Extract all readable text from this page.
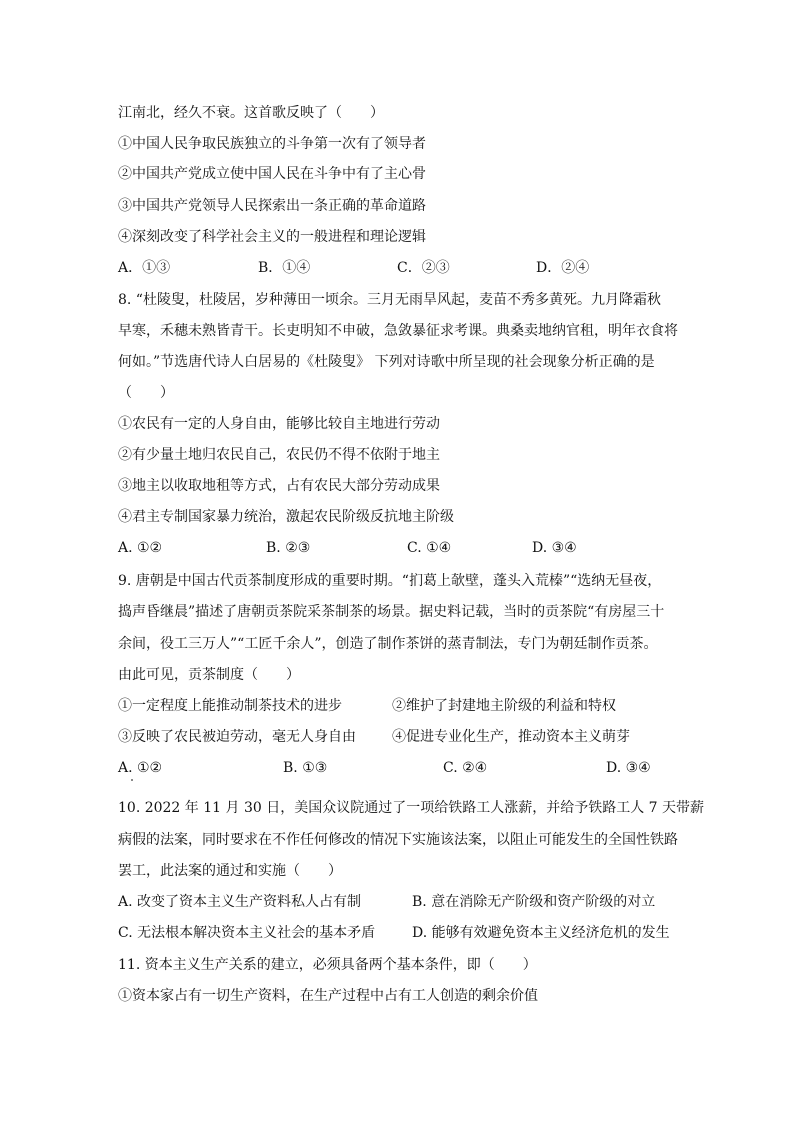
江南北，经久不衰。这首歌反映了（　　）
①中国人民争取民族独立的斗争第一次有了领导者
②中国共产党成立使中国人民在斗争中有了主心骨
③中国共产党领导人民探索出一条正确的革命道路
④深刻改变了科学社会主义的一般进程和理论逻辑
A．①③	B．①④	C．②③	D．②④
8. “杜陵叟，杜陵居，岁种薄田一顷余。三月无雨旱风起，麦苗不秀多黄死。九月降霜秋
早寒，禾穗未熟皆青干。长吏明知不申破，急敛暴征求考课。典桑卖地纳官租，明年衣食将
何如。”节选唐代诗人白居易的《杜陵叟》 下列对诗歌中所呈现的社会现象分析正确的是
（　　）
①农民有一定的人身自由，能够比较自主地进行劳动
②有少量土地归农民自己，农民仍不得不依附于地主
③地主以收取地租等方式，占有农民大部分劳动成果
④君主专制国家暴力统治，激起农民阶级反抗地主阶级
A. ①②	B. ②③	C. ①④	D. ③④
9. 唐朝是中国古代贡茶制度形成的重要时期。“扪葛上欹壁，蓬头入荒榛”“选纳无昼夜，
捣声昏继晨”描述了唐朝贡茶院采茶制茶的场景。据史料记载，当时的贡茶院“有房屋三十
余间，役工三万人”“工匠千余人”，创造了制作茶饼的蒸青制法，专门为朝廷制作贡茶。
由此可见，贡茶制度（　　）
①一定程度上能推动制茶技术的进步	②维护了封建地主阶级的利益和特权
③反映了农民被迫劳动，毫无人身自由	④促进专业化生产，推动资本主义萌芽
A. ①②	B. ①③	C. ②④	D. ③④
10. 2022 年 11 月 30 日，美国众议院通过了一项给铁路工人涨薪，并给予铁路工人 7 天带薪
病假的法案，同时要求在不作任何修改的情况下实施该法案，以阻止可能发生的全国性铁路
罢工，此法案的通过和实施（　　）
A. 改变了资本主义生产资料私人占有制	B. 意在消除无产阶级和资产阶级的对立
C. 无法根本解决资本主义社会的基本矛盾	D. 能够有效避免资本主义经济危机的发生
11. 资本主义生产关系的建立，必须具备两个基本条件，即（　　）
①资本家占有一切生产资料，在生产过程中占有工人创造的剩余价值
